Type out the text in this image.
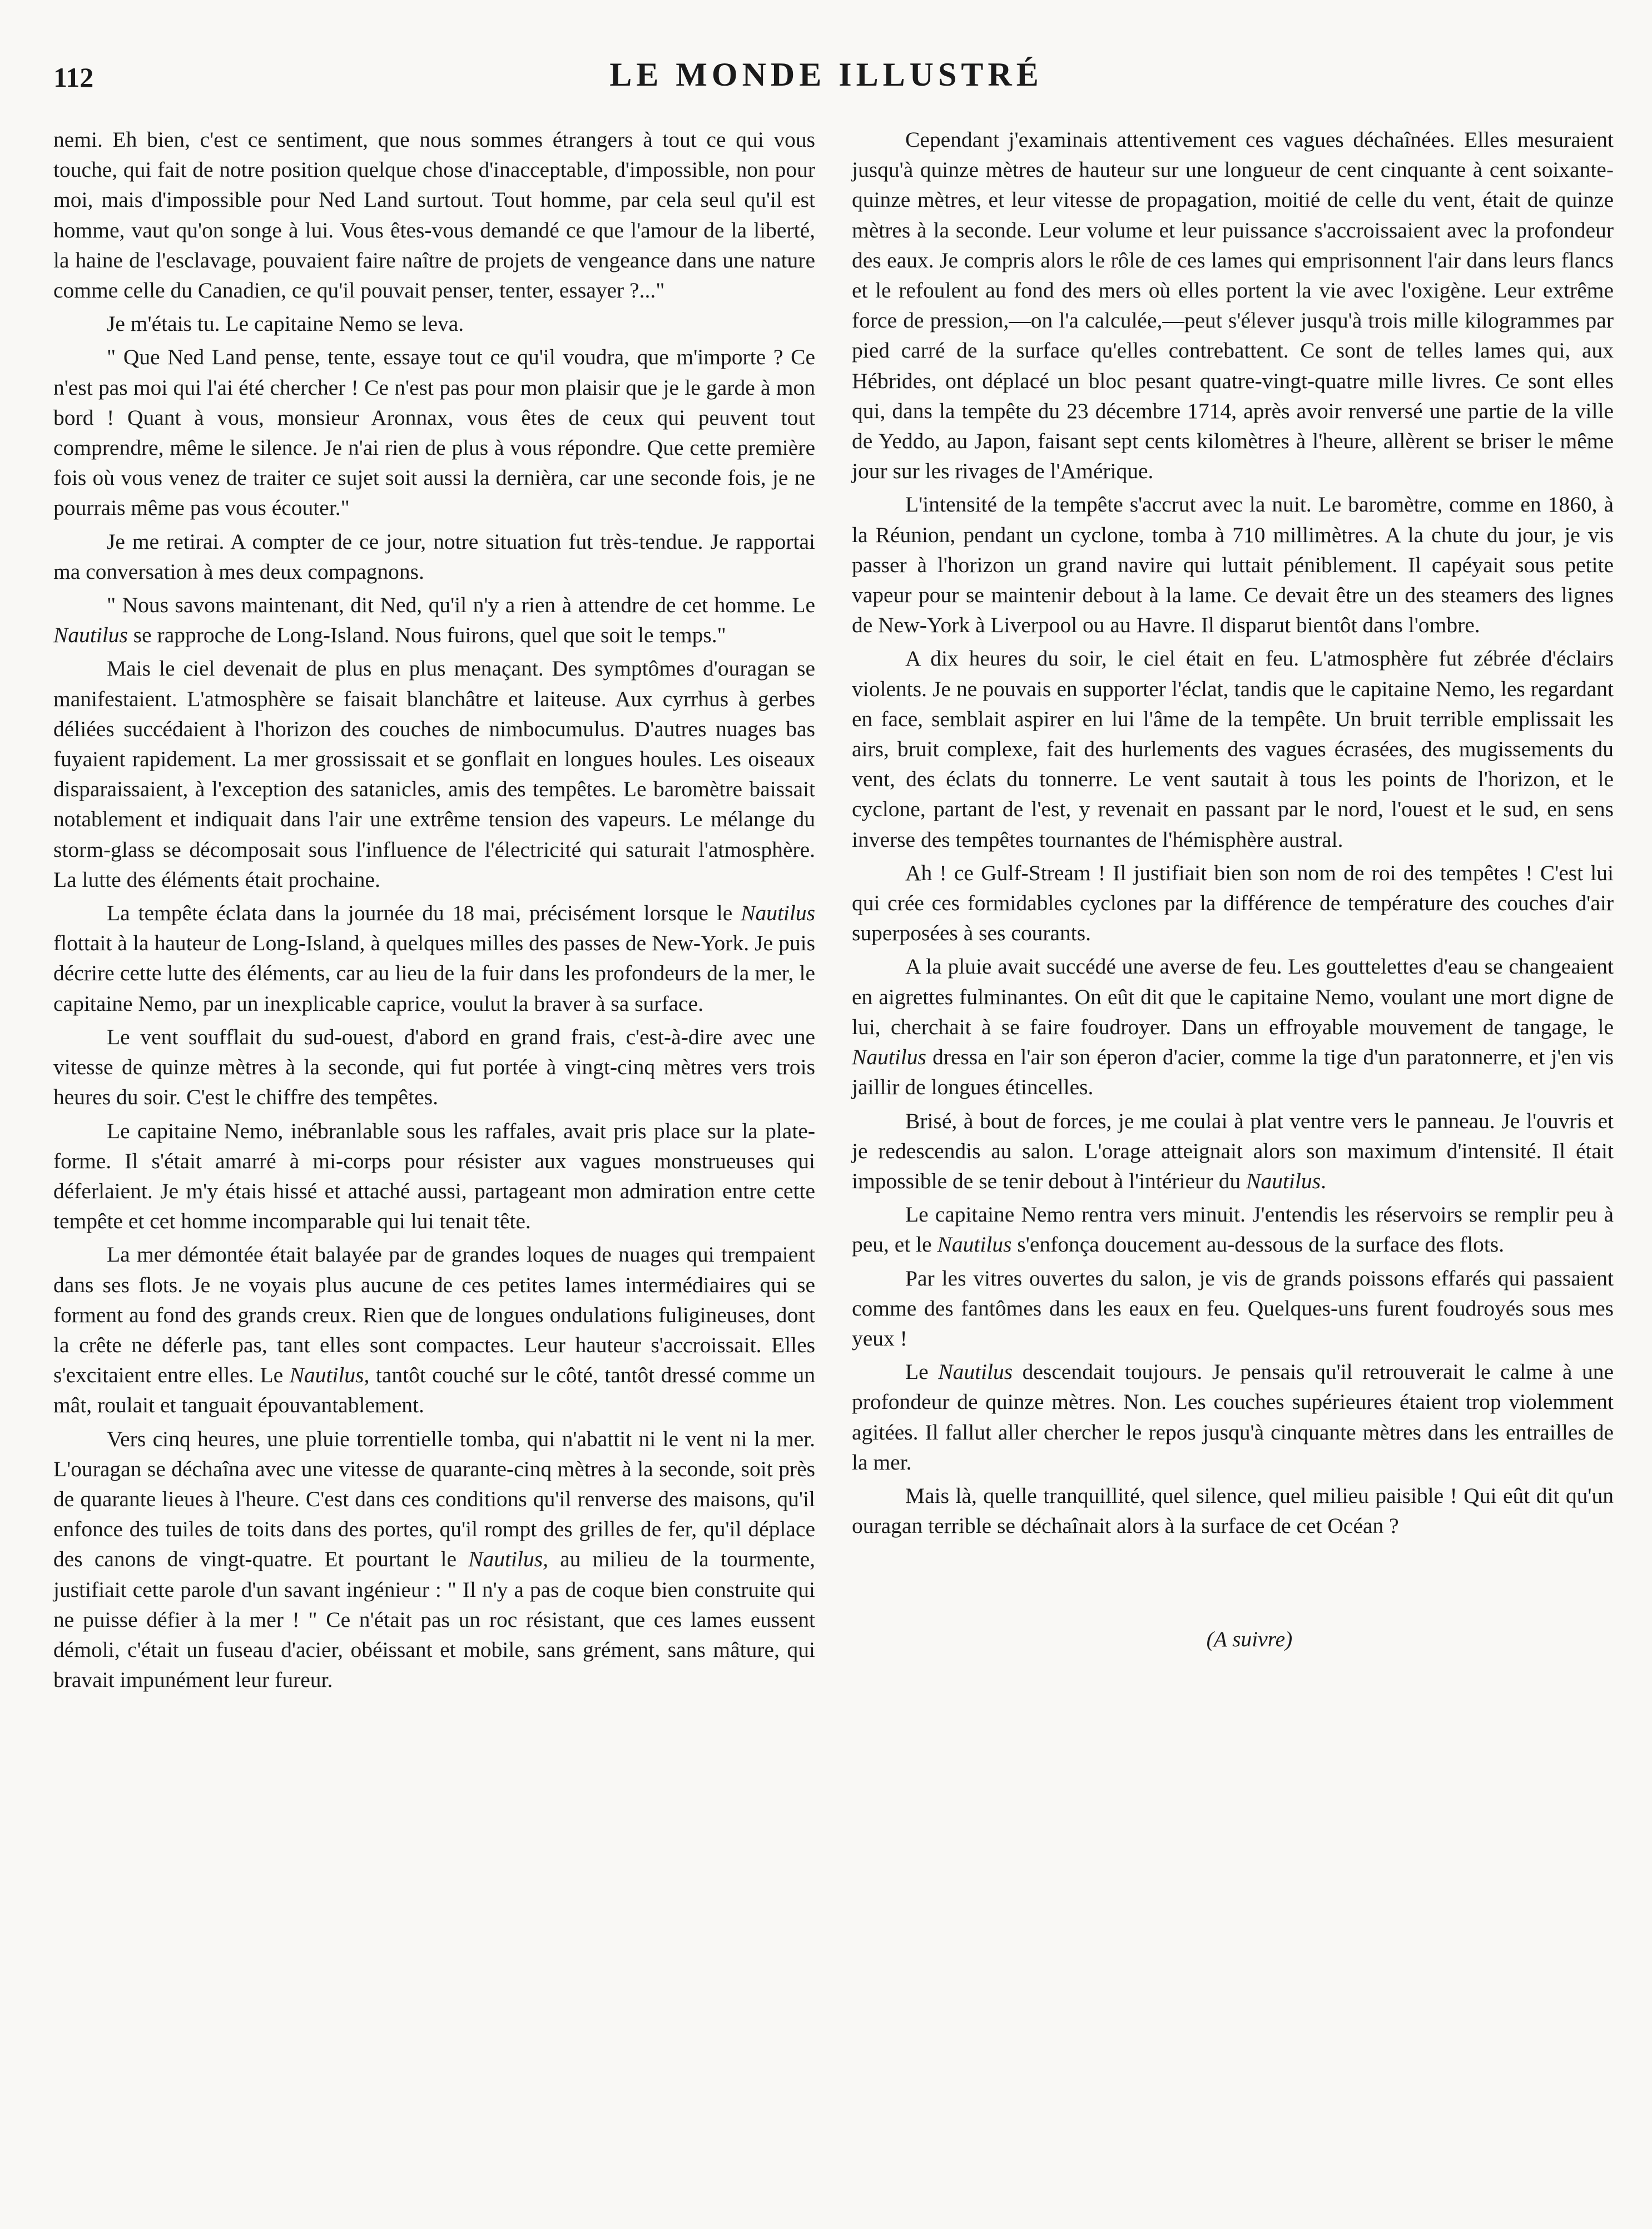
112	LE MONDE ILLUSTRÉ

nemi. Eh bien, c'est ce sentiment, que nous sommes étrangers à tout ce qui vous touche, qui fait de notre position quelque chose d'inacceptable, d'impossible, non pour moi, mais d'impossible pour Ned Land surtout. Tout homme, par cela seul qu'il est homme, vaut qu'on songe à lui. Vous êtes-vous demandé ce que l'amour de la liberté, la haine de l'esclavage, pouvaient faire naître de projets de vengeance dans une nature comme celle du Canadien, ce qu'il pouvait penser, tenter, essayer ?..."

Je m'étais tu. Le capitaine Nemo se leva.

" Que Ned Land pense, tente, essaye tout ce qu'il voudra, que m'importe ? Ce n'est pas moi qui l'ai été chercher ! Ce n'est pas pour mon plaisir que je le garde à mon bord ! Quant à vous, monsieur Aronnax, vous êtes de ceux qui peuvent tout comprendre, même le silence. Je n'ai rien de plus à vous répondre. Que cette première fois où vous venez de traiter ce sujet soit aussi la dernièra, car une seconde fois, je ne pourrais même pas vous écouter."

Je me retirai. A compter de ce jour, notre situation fut très-tendue. Je rapportai ma conversation à mes deux compagnons.

" Nous savons maintenant, dit Ned, qu'il n'y a rien à attendre de cet homme. Le Nautilus se rapproche de Long-Island. Nous fuirons, quel que soit le temps."

Mais le ciel devenait de plus en plus menaçant. Des symptômes d'ouragan se manifestaient. L'atmosphère se faisait blanchâtre et laiteuse. Aux cyrrhus à gerbes déliées succédaient à l'horizon des couches de nimbocumulus. D'autres nuages bas fuyaient rapidement. La mer grossissait et se gonflait en longues houles. Les oiseaux disparaissaient, à l'exception des satanicles, amis des tempêtes. Le baromètre baissait notablement et indiquait dans l'air une extrême tension des vapeurs. Le mélange du storm-glass se décomposait sous l'influence de l'électricité qui saturait l'atmosphère. La lutte des éléments était prochaine.

La tempête éclata dans la journée du 18 mai, précisément lorsque le Nautilus flottait à la hauteur de Long-Island, à quelques milles des passes de New-York. Je puis décrire cette lutte des éléments, car au lieu de la fuir dans les profondeurs de la mer, le capitaine Nemo, par un inexplicable caprice, voulut la braver à sa surface.

Le vent soufflait du sud-ouest, d'abord en grand frais, c'est-à-dire avec une vitesse de quinze mètres à la seconde, qui fut portée à vingt-cinq mètres vers trois heures du soir. C'est le chiffre des tempêtes.

Le capitaine Nemo, inébranlable sous les raffales, avait pris place sur la plate-forme. Il s'était amarré à mi-corps pour résister aux vagues monstrueuses qui déferlaient. Je m'y étais hissé et attaché aussi, partageant mon admiration entre cette tempête et cet homme incomparable qui lui tenait tête.

La mer démontée était balayée par de grandes loques de nuages qui trempaient dans ses flots. Je ne voyais plus aucune de ces petites lames intermédiaires qui se forment au fond des grands creux. Rien que de longues ondulations fuligineuses, dont la crête ne déferle pas, tant elles sont compactes. Leur hauteur s'accroissait. Elles s'excitaient entre elles. Le Nautilus, tantôt couché sur le côté, tantôt dressé comme un mât, roulait et tanguait épouvantablement.

Vers cinq heures, une pluie torrentielle tomba, qui n'abattit ni le vent ni la mer. L'ouragan se déchaîna avec une vitesse de quarante-cinq mètres à la seconde, soit près de quarante lieues à l'heure. C'est dans ces conditions qu'il renverse des maisons, qu'il enfonce des tuiles de toits dans des portes, qu'il rompt des grilles de fer, qu'il déplace des canons de vingt-quatre. Et pourtant le Nautilus, au milieu de la tourmente, justifiait cette parole d'un savant ingénieur : " Il n'y a pas de coque bien construite qui ne puisse défier à la mer ! " Ce n'était pas un roc résistant, que ces lames eussent démoli, c'était un fuseau d'acier, obéissant et mobile, sans grément, sans mâture, qui bravait impunément leur fureur.

Cependant j'examinais attentivement ces vagues déchaînées. Elles mesuraient jusqu'à quinze mètres de hauteur sur une longueur de cent cinquante à cent soixante-quinze mètres, et leur vitesse de propagation, moitié de celle du vent, était de quinze mètres à la seconde. Leur volume et leur puissance s'accroissaient avec la profondeur des eaux. Je compris alors le rôle de ces lames qui emprisonnent l'air dans leurs flancs et le refoulent au fond des mers où elles portent la vie avec l'oxigène. Leur extrême force de pression,—on l'a calculée,—peut s'élever jusqu'à trois mille kilogrammes par pied carré de la surface qu'elles contrebattent. Ce sont de telles lames qui, aux Hébrides, ont déplacé un bloc pesant quatre-vingt-quatre mille livres. Ce sont elles qui, dans la tempête du 23 décembre 1714, après avoir renversé une partie de la ville de Yeddo, au Japon, faisant sept cents kilomètres à l'heure, allèrent se briser le même jour sur les rivages de l'Amérique.

L'intensité de la tempête s'accrut avec la nuit. Le baromètre, comme en 1860, à la Réunion, pendant un cyclone, tomba à 710 millimètres. A la chute du jour, je vis passer à l'horizon un grand navire qui luttait péniblement. Il capéyait sous petite vapeur pour se maintenir debout à la lame. Ce devait être un des steamers des lignes de New-York à Liverpool ou au Havre. Il disparut bientôt dans l'ombre.

A dix heures du soir, le ciel était en feu. L'atmosphère fut zébrée d'éclairs violents. Je ne pouvais en supporter l'éclat, tandis que le capitaine Nemo, les regardant en face, semblait aspirer en lui l'âme de la tempête. Un bruit terrible emplissait les airs, bruit complexe, fait des hurlements des vagues écrasées, des mugissements du vent, des éclats du tonnerre. Le vent sautait à tous les points de l'horizon, et le cyclone, partant de l'est, y revenait en passant par le nord, l'ouest et le sud, en sens inverse des tempêtes tournantes de l'hémisphère austral.

Ah ! ce Gulf-Stream ! Il justifiait bien son nom de roi des tempêtes ! C'est lui qui crée ces formidables cyclones par la différence de température des couches d'air superposées à ses courants.

A la pluie avait succédé une averse de feu. Les gouttelettes d'eau se changeaient en aigrettes fulminantes. On eût dit que le capitaine Nemo, voulant une mort digne de lui, cherchait à se faire foudroyer. Dans un effroyable mouvement de tangage, le Nautilus dressa en l'air son éperon d'acier, comme la tige d'un paratonnerre, et j'en vis jaillir de longues étincelles.

Brisé, à bout de forces, je me coulai à plat ventre vers le panneau. Je l'ouvris et je redescendis au salon. L'orage atteignait alors son maximum d'intensité. Il était impossible de se tenir debout à l'intérieur du Nautilus.

Le capitaine Nemo rentra vers minuit. J'entendis les réservoirs se remplir peu à peu, et le Nautilus s'enfonça doucement au-dessous de la surface des flots.

Par les vitres ouvertes du salon, je vis de grands poissons effarés qui passaient comme des fantômes dans les eaux en feu. Quelques-uns furent foudroyés sous mes yeux !

Le Nautilus descendait toujours. Je pensais qu'il retrouverait le calme à une profondeur de quinze mètres. Non. Les couches supérieures étaient trop violemment agitées. Il fallut aller chercher le repos jusqu'à cinquante mètres dans les entrailles de la mer.

Mais là, quelle tranquillité, quel silence, quel milieu paisible ! Qui eût dit qu'un ouragan terrible se déchaînait alors à la surface de cet Océan ?

(A suivre)
